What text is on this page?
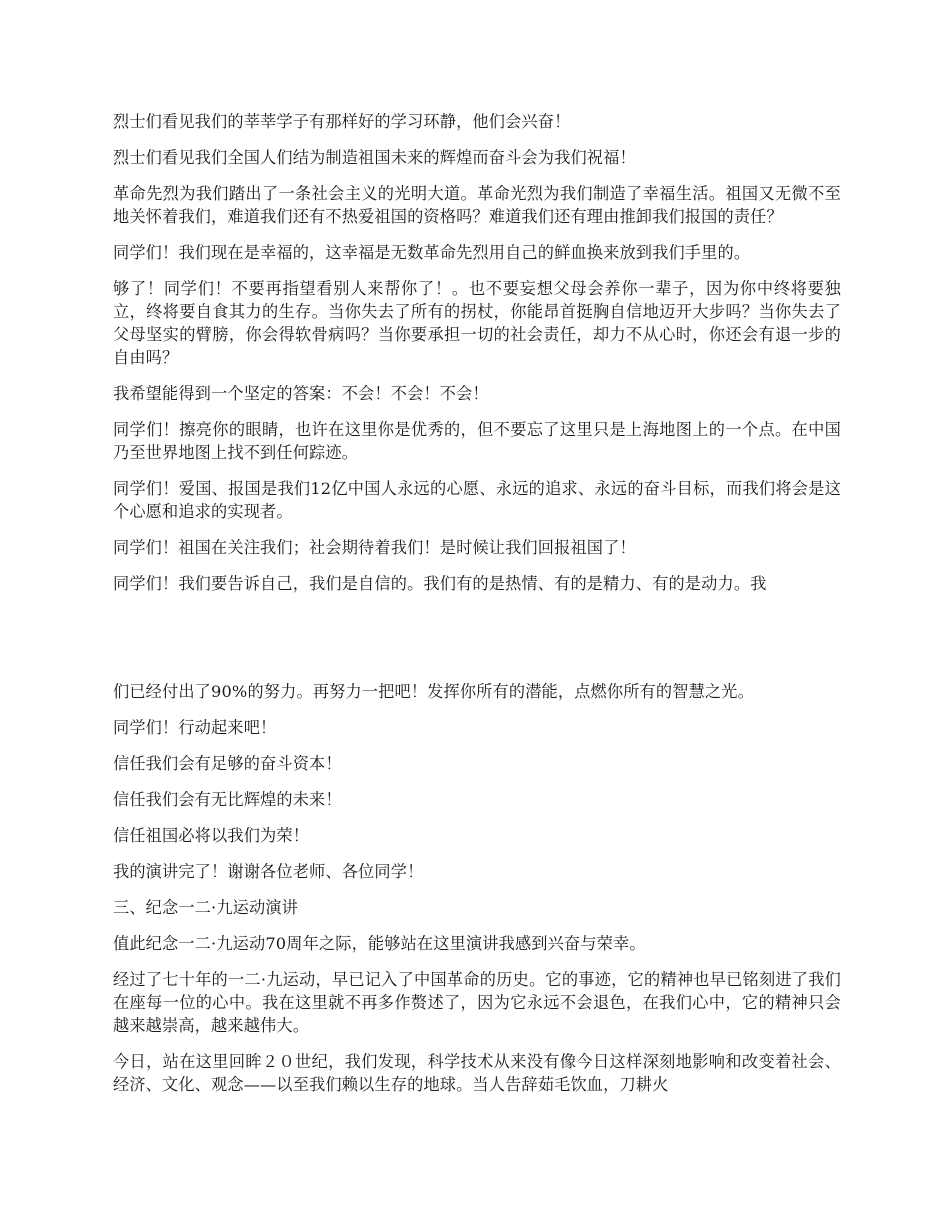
烈士们看见我们的莘莘学子有那样好的学习环静，他们会兴奋！

烈士们看见我们全国人们结为制造祖国未来的辉煌而奋斗会为我们祝福！

革命先烈为我们踏出了一条社会主义的光明大道。革命光烈为我们制造了幸福生活。祖国又无微不至地关怀着我们，难道我们还有不热爱祖国的资格吗？难道我们还有理由推卸我们报国的责任？

同学们！我们现在是幸福的，这幸福是无数革命先烈用自己的鲜血换来放到我们手里的。

够了！同学们！不要再指望看别人来帮你了！。也不要妄想父母会养你一辈子，因为你中终将要独立，终将要自食其力的生存。当你失去了所有的拐杖，你能昂首挺胸自信地迈开大步吗？当你失去了父母坚实的臂膀，你会得软骨病吗？当你要承担一切的社会责任，却力不从心时，你还会有退一步的自由吗？

我希望能得到一个坚定的答案：不会！不会！不会！

同学们！擦亮你的眼睛，也许在这里你是优秀的，但不要忘了这里只是上海地图上的一个点。在中国乃至世界地图上找不到任何踪迹。

同学们！爱国、报国是我们12亿中国人永远的心愿、永远的追求、永远的奋斗目标，而我们将会是这个心愿和追求的实现者。

同学们！祖国在关注我们；社会期待着我们！是时候让我们回报祖国了！

同学们！我们要告诉自己，我们是自信的。我们有的是热情、有的是精力、有的是动力。我

们已经付出了90%的努力。再努力一把吧！发挥你所有的潜能，点燃你所有的智慧之光。

同学们！行动起来吧！

信任我们会有足够的奋斗资本！

信任我们会有无比辉煌的未来！

信任祖国必将以我们为荣！

我的演讲完了！谢谢各位老师、各位同学！

三、纪念一二·九运动演讲

值此纪念一二·九运动70周年之际，能够站在这里演讲我感到兴奋与荣幸。

经过了七十年的一二·九运动，早已记入了中国革命的历史。它的事迹，它的精神也早已铭刻进了我们在座每一位的心中。我在这里就不再多作赘述了，因为它永远不会退色，在我们心中，它的精神只会越来越崇高，越来越伟大。

今日，站在这里回眸２０世纪，我们发现，科学技术从来没有像今日这样深刻地影响和改变着社会、经济、文化、观念——以至我们赖以生存的地球。当人告辞茹毛饮血，刀耕火
